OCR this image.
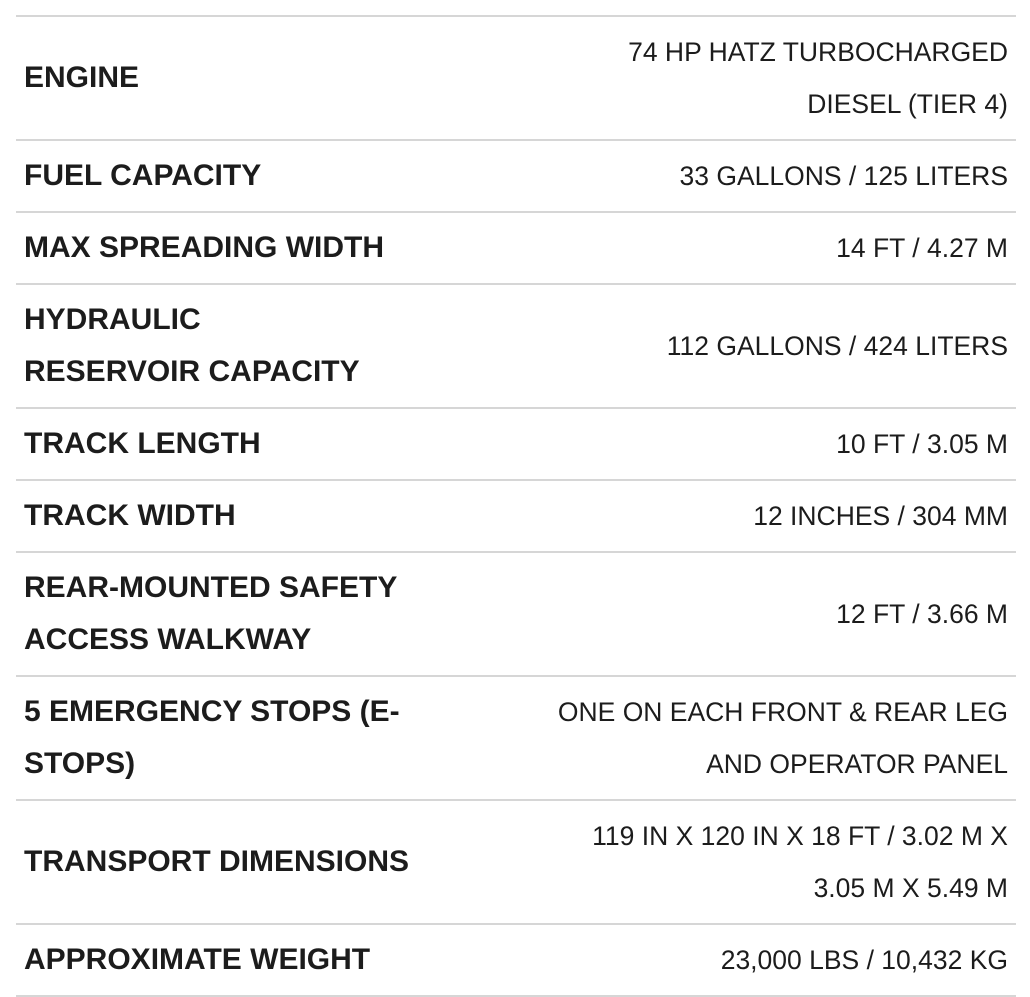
ENGINE	74 HP HATZ TURBOCHARGED DIESEL (TIER 4)
FUEL CAPACITY	33 GALLONS / 125 LITERS
MAX SPREADING WIDTH	14 FT / 4.27 M
HYDRAULIC RESERVOIR CAPACITY	112 GALLONS / 424 LITERS
TRACK LENGTH	10 FT / 3.05 M
TRACK WIDTH	12 INCHES / 304 MM
REAR-MOUNTED SAFETY ACCESS WALKWAY	12 FT / 3.66 M
5 EMERGENCY STOPS (E-STOPS)	ONE ON EACH FRONT & REAR LEG AND OPERATOR PANEL
TRANSPORT DIMENSIONS	119 IN X 120 IN X 18 FT / 3.02 M X 3.05 M X 5.49 M
APPROXIMATE WEIGHT	23,000 LBS / 10,432 KG
